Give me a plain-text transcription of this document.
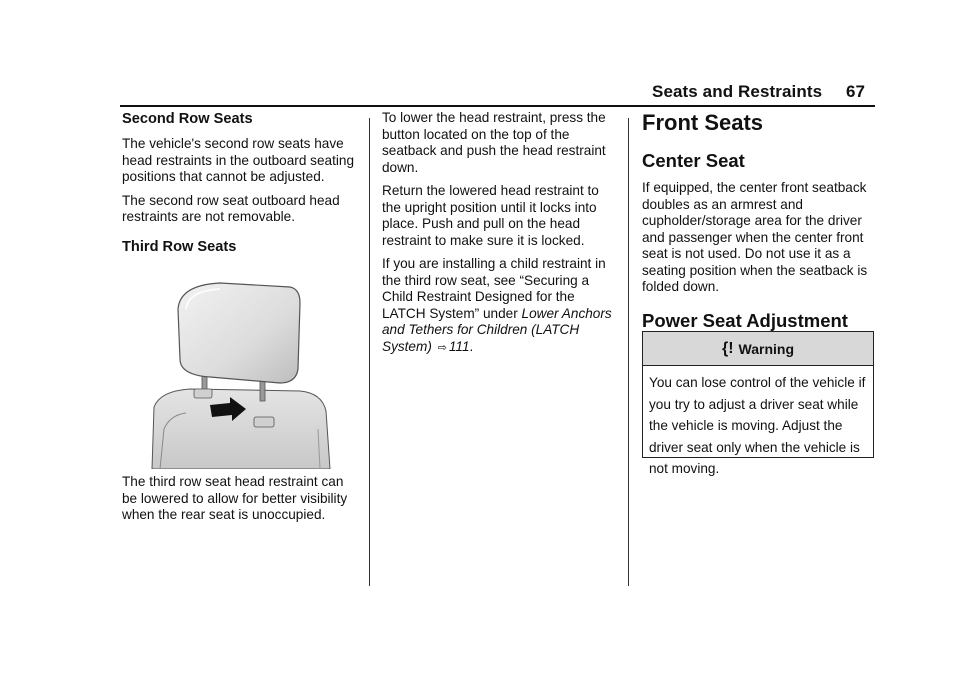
Seats and Restraints 67
Second Row Seats

The vehicle's second row seats have head restraints in the outboard seating positions that cannot be adjusted.

The second row seat outboard head restraints are not removable.

Third Row Seats

The third row seat head restraint can be lowered to allow for better visibility when the rear seat is unoccupied.

To lower the head restraint, press the button located on the top of the seatback and push the head restraint down.

Return the lowered head restraint to the upright position until it locks into place. Push and pull on the head restraint to make sure it is locked.

If you are installing a child restraint in the third row seat, see “Securing a Child Restraint Designed for the LATCH System” under Lower Anchors and Tethers for Children (LATCH System) ⇨ 111.

Front Seats
Center Seat

If equipped, the center front seatback doubles as an armrest and cupholder/storage area for the driver and passenger when the center front seat is not used. Do not use it as a seating position when the seatback is folded down.

Power Seat Adjustment
{! Warning
You can lose control of the vehicle if you try to adjust a driver seat while the vehicle is moving. Adjust the driver seat only when the vehicle is not moving.
